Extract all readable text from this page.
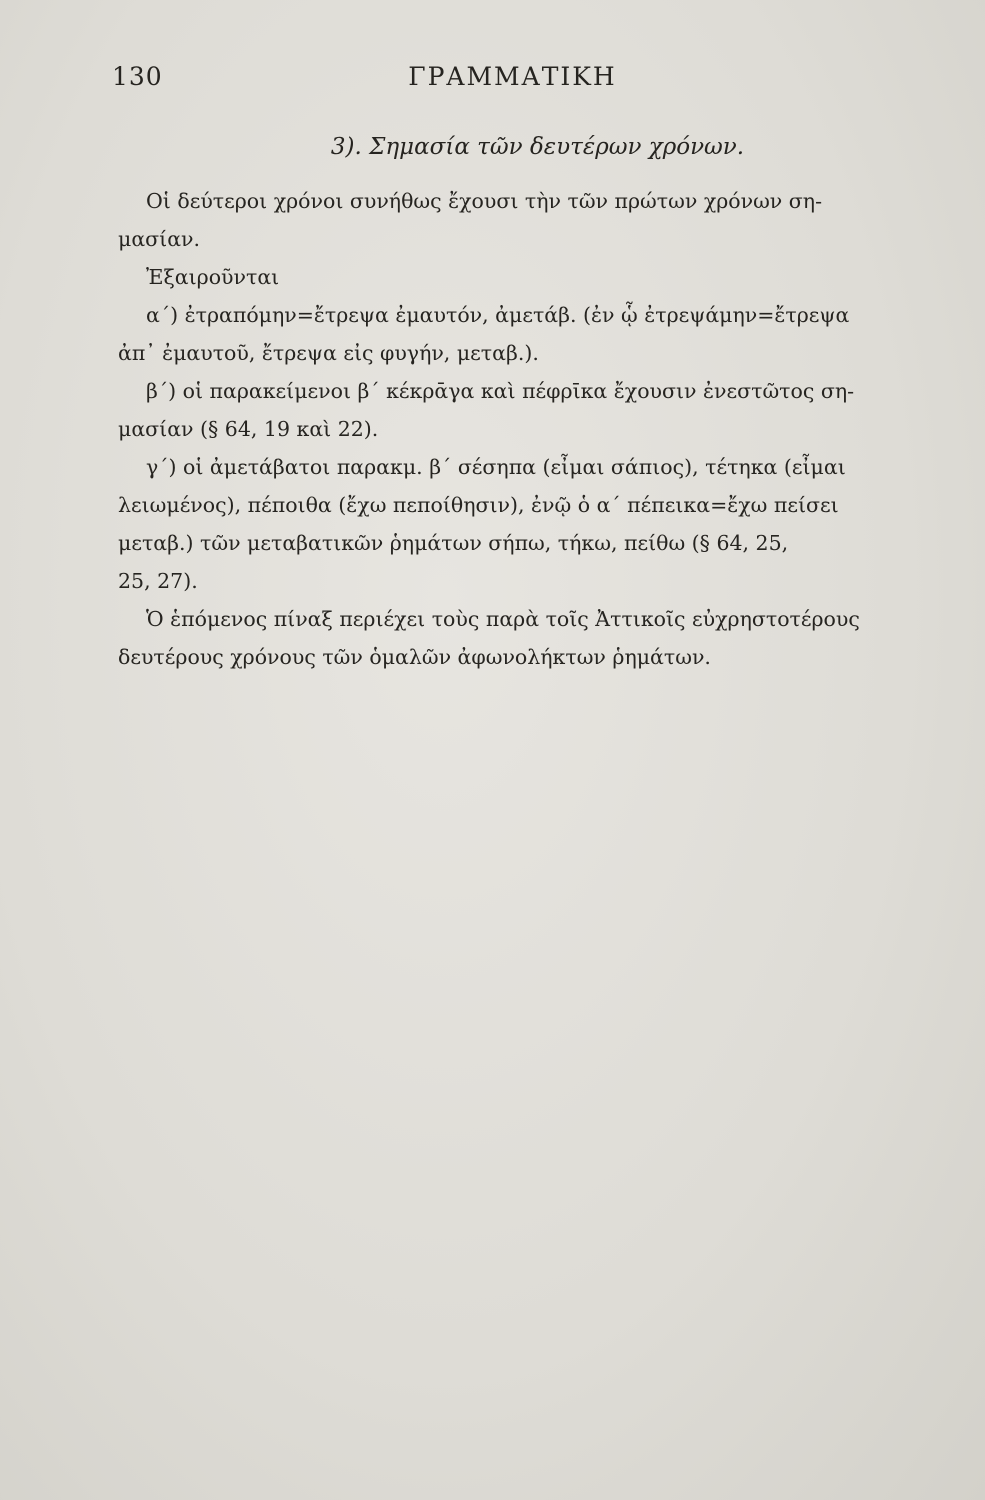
130	ΓΡΑΜΜΑΤΙΚΗ
3). Σημασία τῶν δευτέρων χρόνων.
Οἱ δεύτεροι χρόνοι συνήθως ἔχουσι τὴν τῶν πρώτων χρόνων ση-
μασίαν.
Ἐξαιροῦνται
α΄) ἐτραπόμην=ἔτρεψα ἐμαυτόν, ἀμετάβ. (ἐν ᾧ ἐτρεψάμην=ἔτρεψα
ἀπ᾽ ἐμαυτοῦ, ἔτρεψα εἰς φυγήν, μεταβ.).
β΄) οἱ παρακείμενοι β΄ κέκρᾱγα καὶ πέφρῑκα ἔχουσιν ἐνεστῶτος ση-
μασίαν (§ 64, 19 καὶ 22).
γ΄) οἱ ἀμετάβατοι παρακμ. β΄ σέσηπα (εἶμαι σάπιος), τέτηκα (εἶμαι
λειωμένος), πέποιθα (ἔχω πεποίθησιν), ἐνῷ ὁ α΄ πέπεικα=ἔχω πείσει
μεταβ.) τῶν μεταβατικῶν ῥημάτων σήπω, τήκω, πείθω (§ 64, 25,
25, 27).
Ὁ ἑπόμενος πίναξ περιέχει τοὺς παρὰ τοῖς Ἀττικοῖς εὐχρηστοτέρους
δευτέρους χρόνους τῶν ὁμαλῶν ἀφωνολήκτων ῥημάτων.
